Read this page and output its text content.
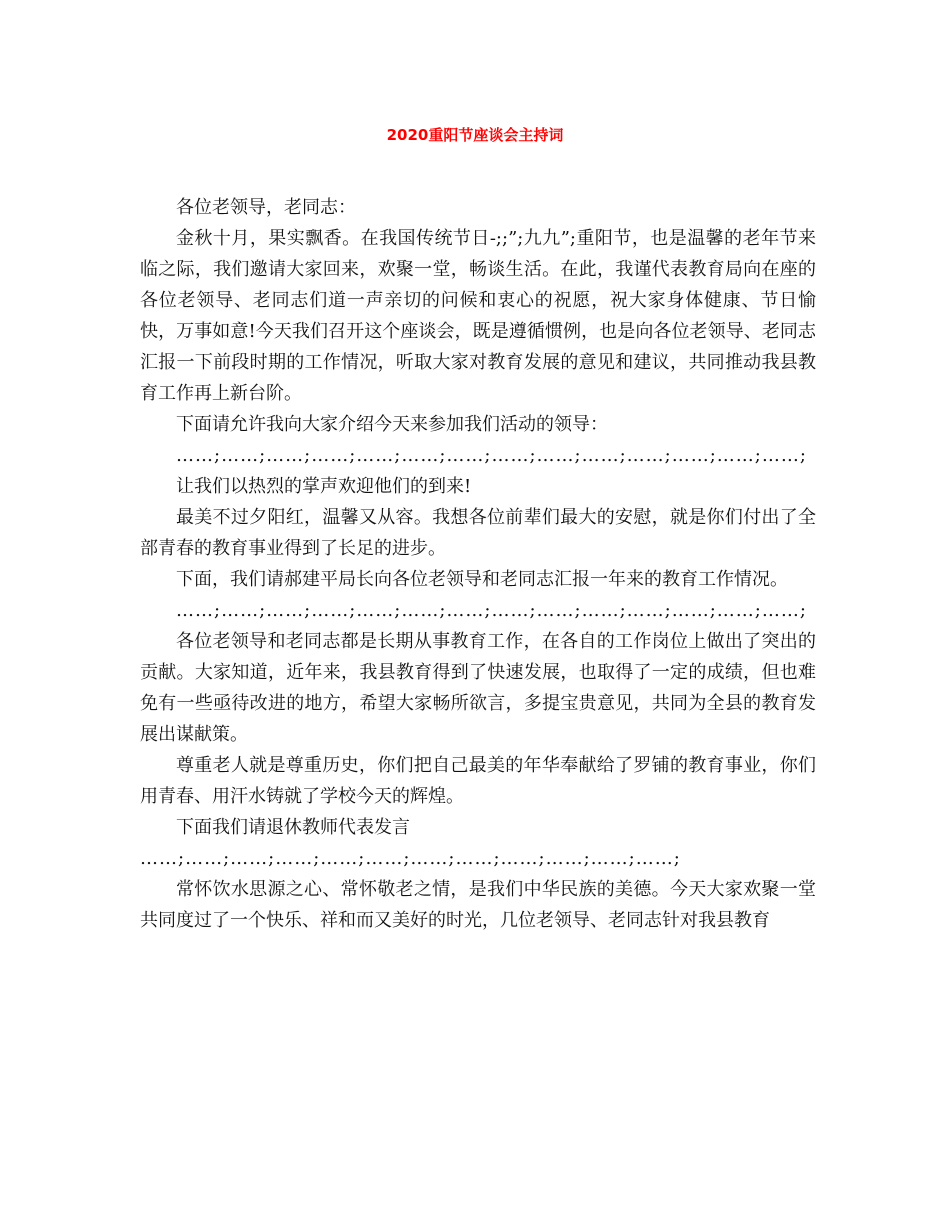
2020重阳节座谈会主持词

各位老领导，老同志：

金秋十月，果实飘香。在我国传统节日-;;”;九九”;重阳节，也是温馨的老年节来临之际，我们邀请大家回来，欢聚一堂，畅谈生活。在此，我谨代表教育局向在座的各位老领导、老同志们道一声亲切的问候和衷心的祝愿，祝大家身体健康、节日愉快，万事如意!今天我们召开这个座谈会，既是遵循惯例，也是向各位老领导、老同志汇报一下前段时期的工作情况，听取大家对教育发展的意见和建议，共同推动我县教育工作再上新台阶。

下面请允许我向大家介绍今天来参加我们活动的领导：

……;……;……;……;……;……;……;……;……;……;……;……;……;……;

让我们以热烈的掌声欢迎他们的到来!

最美不过夕阳红，温馨又从容。我想各位前辈们最大的安慰，就是你们付出了全部青春的教育事业得到了长足的进步。

下面，我们请郝建平局长向各位老领导和老同志汇报一年来的教育工作情况。

……;……;……;……;……;……;……;……;……;……;……;……;……;……;

各位老领导和老同志都是长期从事教育工作，在各自的工作岗位上做出了突出的贡献。大家知道，近年来，我县教育得到了快速发展，也取得了一定的成绩，但也难免有一些亟待改进的地方，希望大家畅所欲言，多提宝贵意见，共同为全县的教育发展出谋献策。

尊重老人就是尊重历史，你们把自己最美的年华奉献给了罗铺的教育事业，你们用青春、用汗水铸就了学校今天的辉煌。

下面我们请退休教师代表发言

……;……;……;……;……;……;……;……;……;……;……;……;

常怀饮水思源之心、常怀敬老之情，是我们中华民族的美德。今天大家欢聚一堂共同度过了一个快乐、祥和而又美好的时光，几位老领导、老同志针对我县教育
